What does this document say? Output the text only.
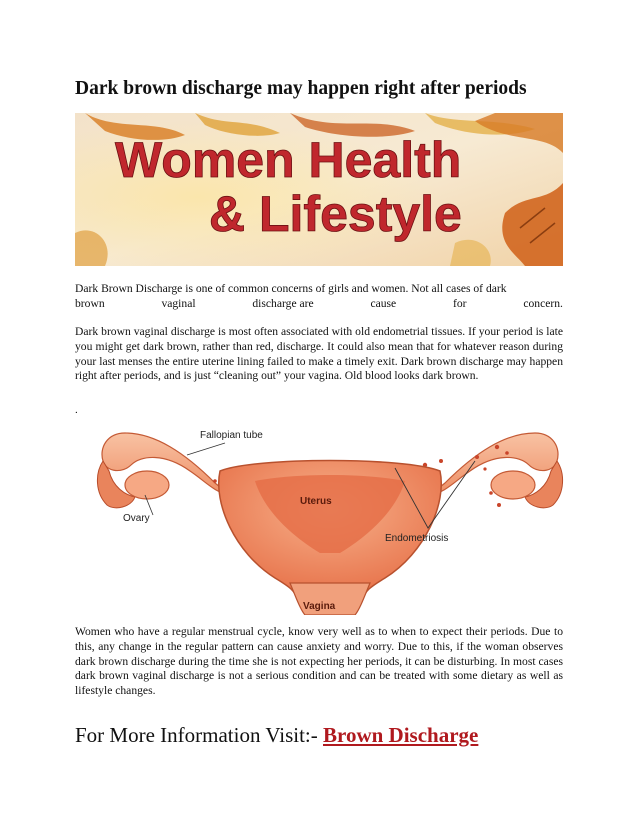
Dark brown discharge may happen right after periods
Women Health
& Lifestyle
Dark Brown Discharge is one of common concerns of girls and women. Not all cases of dark
brown	vaginal	discharge are	cause	for	concern.
Dark brown vaginal discharge is most often associated with old endometrial tissues. If your period is late you might get dark brown, rather than red, discharge. It could also mean that for whatever reason during your last menses the entire uterine lining failed to make a timely exit. Dark brown discharge may happen right after periods, and is just “cleaning out” your vagina. Old blood looks dark brown.
.
Fallopian tube
Ovary
Uterus
Endometriosis
Vagina
Women who have a regular menstrual cycle, know very well as to when to expect their periods. Due to this, any change in the regular pattern can cause anxiety and worry. Due to this, if the woman observes dark brown discharge during the time she is not expecting her periods, it can be disturbing. In most cases dark brown vaginal discharge is not a serious condition and can be treated with some dietary as well as lifestyle changes.
For More Information Visit:- Brown Discharge
